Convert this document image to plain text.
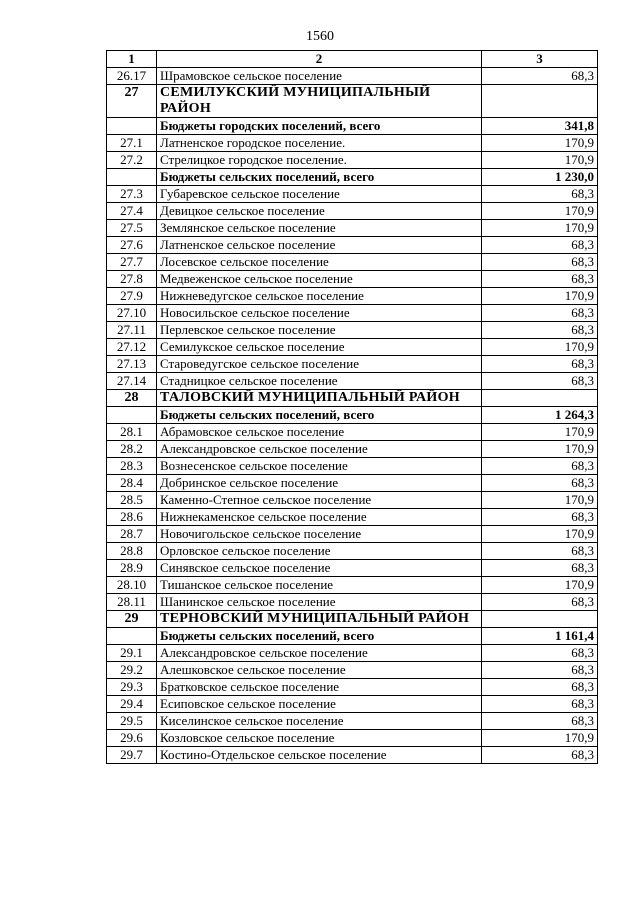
1560
1	2	3
26.17	Шрамовское сельское поселение	68,3
27	СЕМИЛУКСКИЙ МУНИЦИПАЛЬНЫЙ РАЙОН	
	Бюджеты городских поселений, всего	341,8
27.1	Латненское городское поселение.	170,9
27.2	Стрелицкое городское поселение.	170,9
	Бюджеты сельских поселений, всего	1 230,0
27.3	Губаревское сельское поселение	68,3
27.4	Девицкое сельское поселение	170,9
27.5	Землянское сельское поселение	170,9
27.6	Латненское сельское поселение	68,3
27.7	Лосевское сельское поселение	68,3
27.8	Медвеженское сельское поселение	68,3
27.9	Нижневедугское сельское поселение	170,9
27.10	Новосильское сельское поселение	68,3
27.11	Перлевское сельское поселение	68,3
27.12	Семилукское сельское поселение	170,9
27.13	Староведугское сельское поселение	68,3
27.14	Стадницкое сельское поселение	68,3
28	ТАЛОВСКИЙ МУНИЦИПАЛЬНЫЙ РАЙОН	
	Бюджеты сельских поселений, всего	1 264,3
28.1	Абрамовское сельское поселение	170,9
28.2	Александровское сельское поселение	170,9
28.3	Вознесенское сельское поселение	68,3
28.4	Добринское сельское поселение	68,3
28.5	Каменно-Степное сельское поселение	170,9
28.6	Нижнекаменское сельское поселение	68,3
28.7	Новочигольское сельское поселение	170,9
28.8	Орловское сельское поселение	68,3
28.9	Синявское сельское поселение	68,3
28.10	Тишанское сельское поселение	170,9
28.11	Шанинское сельское поселение	68,3
29	ТЕРНОВСКИЙ МУНИЦИПАЛЬНЫЙ РАЙОН	
	Бюджеты сельских поселений, всего	1 161,4
29.1	Александровское сельское поселение	68,3
29.2	Алешковское сельское поселение	68,3
29.3	Братковское сельское поселение	68,3
29.4	Есиповское сельское поселение	68,3
29.5	Киселинское сельское поселение	68,3
29.6	Козловское сельское поселение	170,9
29.7	Костино-Отдельское сельское поселение	68,3
